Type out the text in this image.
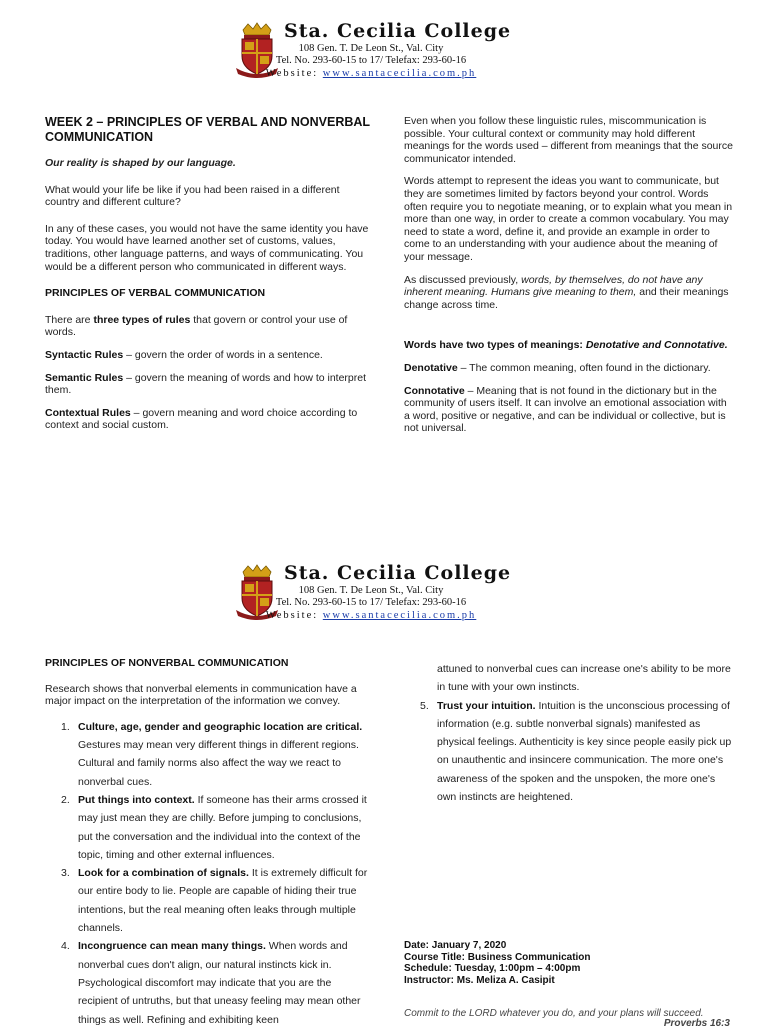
Sta. Cecilia College
108 Gen. T. De Leon St., Val. City
Tel. No. 293-60-15 to 17/ Telefax: 293-60-16
Website: www.santacecilia.com.ph
WEEK 2 – PRINCIPLES OF VERBAL AND NONVERBAL COMMUNICATION

Our reality is shaped by our language.

What would your life be like if you had been raised in a different country and different culture?

In any of these cases, you would not have the same identity you have today. You would have learned another set of customs, values, traditions, other language patterns, and ways of communicating. You would be a different person who communicated in different ways.

PRINCIPLES OF VERBAL COMMUNICATION

There are three types of rules that govern or control your use of words.

Syntactic Rules – govern the order of words in a sentence.

Semantic Rules – govern the meaning of words and how to interpret them.

Contextual Rules – govern meaning and word choice according to context and social custom.

Even when you follow these linguistic rules, miscommunication is possible. Your cultural context or community may hold different meanings for the words used – different from meanings that the source communicator intended.

Words attempt to represent the ideas you want to communicate, but they are sometimes limited by factors beyond your control. Words often require you to negotiate meaning, or to explain what you mean in more than one way, in order to create a common vocabulary. You may need to state a word, define it, and provide an example in order to come to an understanding with your audience about the meaning of your message.

As discussed previously, words, by themselves, do not have any inherent meaning. Humans give meaning to them, and their meanings change across time.

Words have two types of meanings: Denotative and Connotative.

Denotative – The common meaning, often found in the dictionary.

Connotative – Meaning that is not found in the dictionary but in the community of users itself. It can involve an emotional association with a word, positive or negative, and can be individual or collective, but is not universal.

Sta. Cecilia College
108 Gen. T. De Leon St., Val. City
Tel. No. 293-60-15 to 17/ Telefax: 293-60-16
Website: www.santacecilia.com.ph
PRINCIPLES OF NONVERBAL COMMUNICATION

Research shows that nonverbal elements in communication have a major impact on the interpretation of the information we convey.

1. Culture, age, gender and geographic location are critical. Gestures may mean very different things in different regions. Cultural and family norms also affect the way we react to nonverbal cues.
2. Put things into context. If someone has their arms crossed it may just mean they are chilly. Before jumping to conclusions, put the conversation and the individual into the context of the topic, timing and other external influences.
3. Look for a combination of signals. It is extremely difficult for our entire body to lie. People are capable of hiding their true intentions, but the real meaning often leaks through multiple channels.
4. Incongruence can mean many things. When words and nonverbal cues don't align, our natural instincts kick in. Psychological discomfort may indicate that you are the recipient of untruths, but that uneasy feeling may mean other things as well. Refining and exhibiting keen
attuned to nonverbal cues can increase one's ability to be more in tune with your own instincts.
5. Trust your intuition. Intuition is the unconscious processing of information (e.g. subtle nonverbal signals) manifested as physical feelings. Authenticity is key since people easily pick up on unauthentic and insincere communication. The more one's awareness of the spoken and the unspoken, the more one's own instincts are heightened.
Date: January 7, 2020
Course Title: Business Communication
Schedule: Tuesday, 1:00pm – 4:00pm
Instructor: Ms. Meliza A. Casipit
Commit to the LORD whatever you do, and your plans will succeed.
Proverbs 16:3
